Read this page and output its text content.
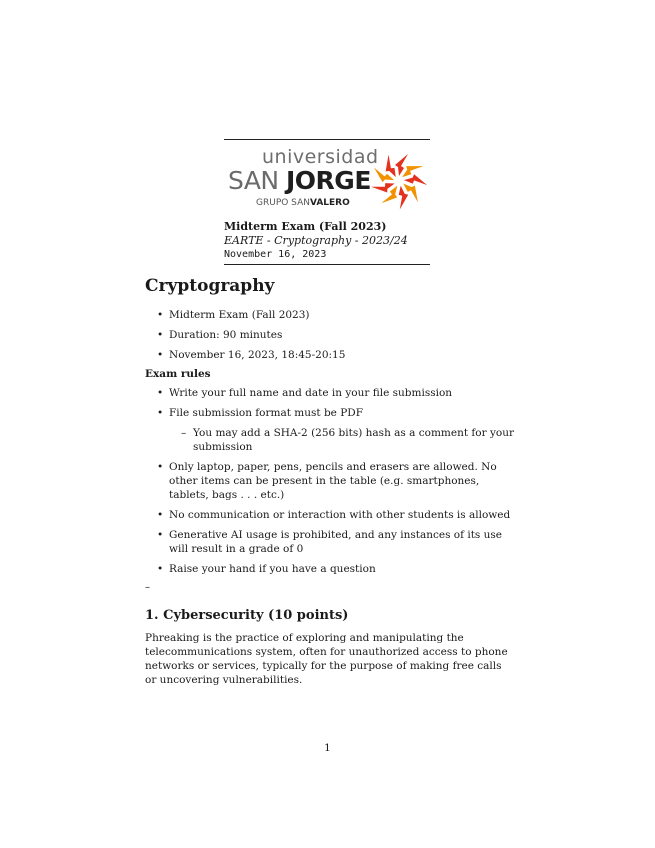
universidad
SAN JORGE
GRUPO SANVALERO
Midterm Exam (Fall 2023)
EARTE - Cryptography - 2023/24
November 16, 2023
Cryptography
• Midterm Exam (Fall 2023)
• Duration: 90 minutes
• November 16, 2023, 18:45-20:15
Exam rules
• Write your full name and date in your file submission
• File submission format must be PDF
– You may add a SHA-2 (256 bits) hash as a comment for your submission
• Only laptop, paper, pens, pencils and erasers are allowed. No other items can be present in the table (e.g. smartphones, tablets, bags . . . etc.)
• No communication or interaction with other students is allowed
• Generative AI usage is prohibited, and any instances of its use will result in a grade of 0
• Raise your hand if you have a question
–
1. Cybersecurity (10 points)

Phreaking is the practice of exploring and manipulating the telecommunications system, often for unauthorized access to phone networks or services, typically for the purpose of making free calls or uncovering vulnerabilities.

1
